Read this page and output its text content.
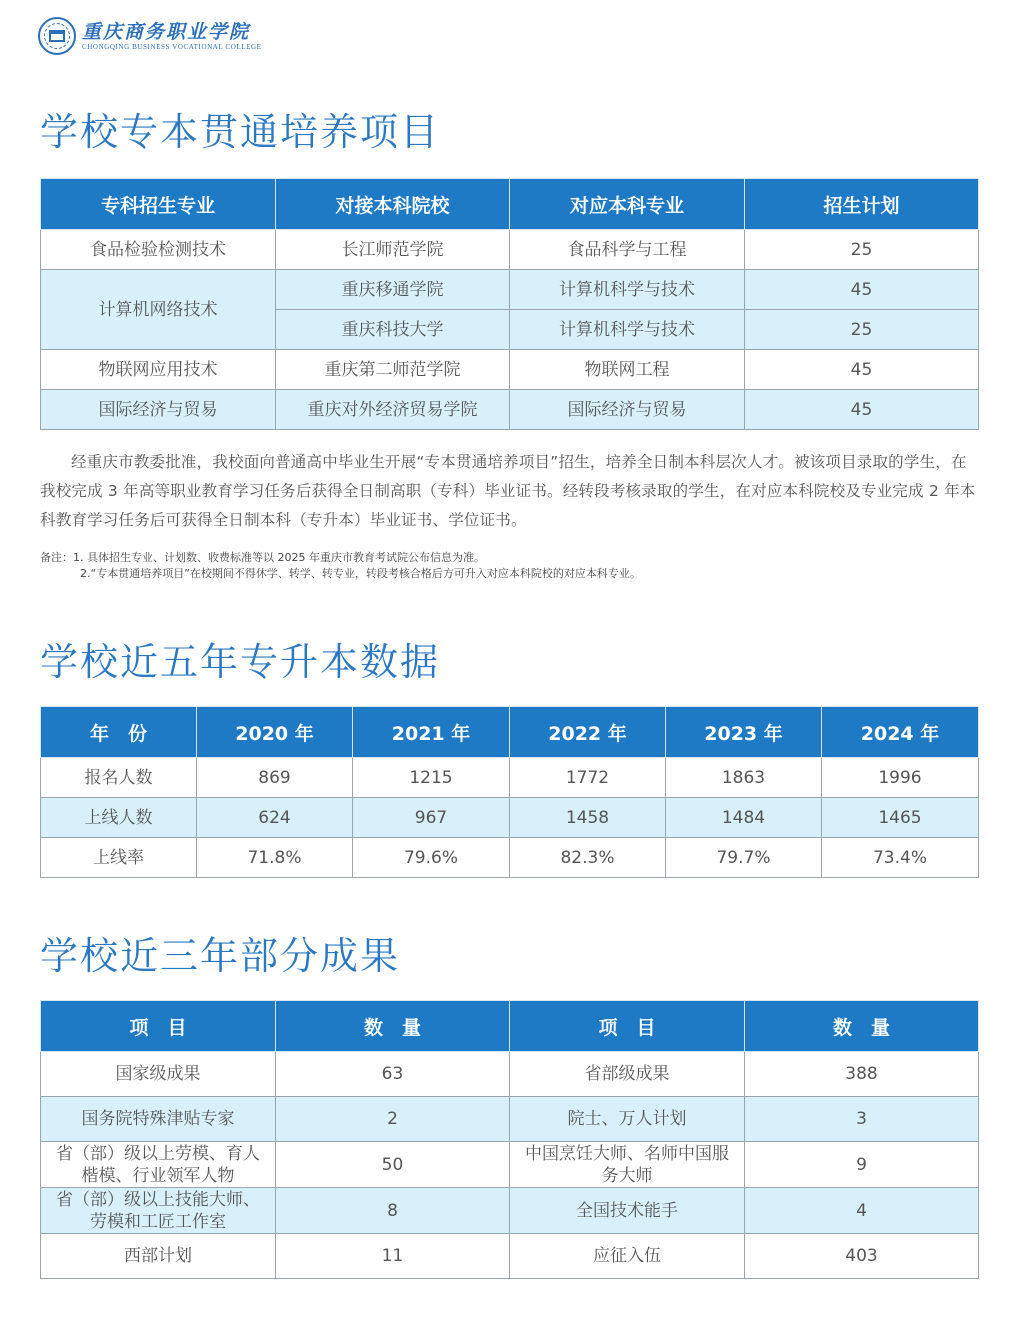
重庆商务职业学院
CHONGQING BUSINESS VOCATIONAL COLLEGE
学校专本贯通培养项目
专科招生专业	对接本科院校	对应本科专业	招生计划
食品检验检测技术	长江师范学院	食品科学与工程	25
计算机网络技术	重庆移通学院	计算机科学与技术	45
	重庆科技大学	计算机科学与技术	25
物联网应用技术	重庆第二师范学院	物联网工程	45
国际经济与贸易	重庆对外经济贸易学院	国际经济与贸易	45

经重庆市教委批准，我校面向普通高中毕业生开展“专本贯通培养项目”招生，培养全日制本科层次人才。被该项目录取的学生，在我校完成 3 年高等职业教育学习任务后获得全日制高职（专科）毕业证书。经转段考核录取的学生，在对应本科院校及专业完成 2 年本科教育学习任务后可获得全日制本科（专升本）毕业证书、学位证书。

备注：1. 具体招生专业、计划数、收费标准等以 2025 年重庆市教育考试院公布信息为准。
2.“专本贯通培养项目”在校期间不得休学、转学、转专业，转段考核合格后方可升入对应本科院校的对应本科专业。
学校近五年专升本数据
年　份	2020 年	2021 年	2022 年	2023 年	2024 年
报名人数	869	1215	1772	1863	1996
上线人数	624	967	1458	1484	1465
上线率	71.8%	79.6%	82.3%	79.7%	73.4%
学校近三年部分成果
项　目	数　量	项　目	数　量
国家级成果	63	省部级成果	388
国务院特殊津贴专家	2	院士、万人计划	3
省（部）级以上劳模、育人楷模、行业领军人物	50	中国烹饪大师、名师中国服务大师	9
省（部）级以上技能大师、劳模和工匠工作室	8	全国技术能手	4
西部计划	11	应征入伍	403
